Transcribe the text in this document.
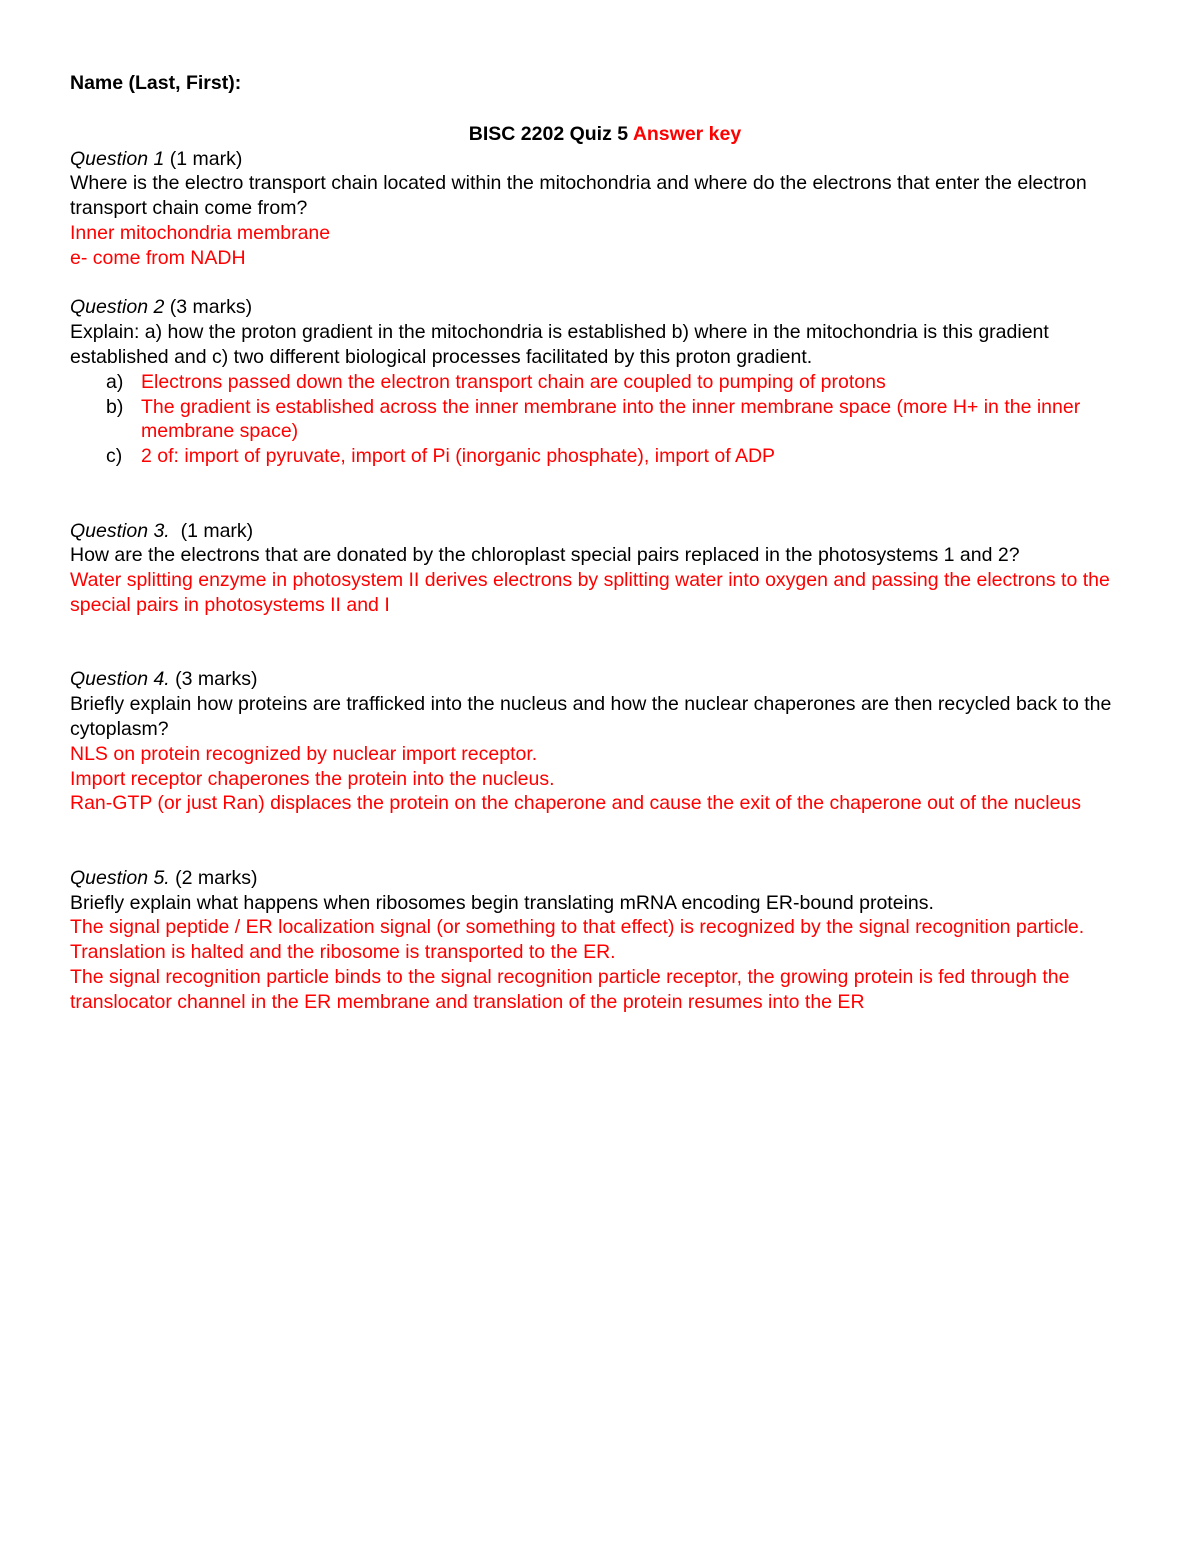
Name (Last, First):

BISC 2202 Quiz 5 Answer key

Question 1 (1 mark)

Where is the electro transport chain located within the mitochondria and where do the electrons that enter the electron transport chain come from?

Inner mitochondria membrane

e- come from NADH

Question 2 (3 marks)

Explain: a) how the proton gradient in the mitochondria is established b) where in the mitochondria is this gradient established and c) two different biological processes facilitated by this proton gradient.

a) Electrons passed down the electron transport chain are coupled to pumping of protons
b) The gradient is established across the inner membrane into the inner membrane space (more H+ in the inner membrane space)
c) 2 of: import of pyruvate, import of Pi (inorganic phosphate), import of ADP

Question 3. (1 mark)

How are the electrons that are donated by the chloroplast special pairs replaced in the photosystems 1 and 2?

Water splitting enzyme in photosystem II derives electrons by splitting water into oxygen and passing the electrons to the special pairs in photosystems II and I

Question 4. (3 marks)

Briefly explain how proteins are trafficked into the nucleus and how the nuclear chaperones are then recycled back to the cytoplasm?

NLS on protein recognized by nuclear import receptor.

Import receptor chaperones the protein into the nucleus.

Ran-GTP (or just Ran) displaces the protein on the chaperone and cause the exit of the chaperone out of the nucleus

Question 5. (2 marks)

Briefly explain what happens when ribosomes begin translating mRNA encoding ER-bound proteins.

The signal peptide / ER localization signal (or something to that effect) is recognized by the signal recognition particle.

Translation is halted and the ribosome is transported to the ER.

The signal recognition particle binds to the signal recognition particle receptor, the growing protein is fed through the translocator channel in the ER membrane and translation of the protein resumes into the ER
